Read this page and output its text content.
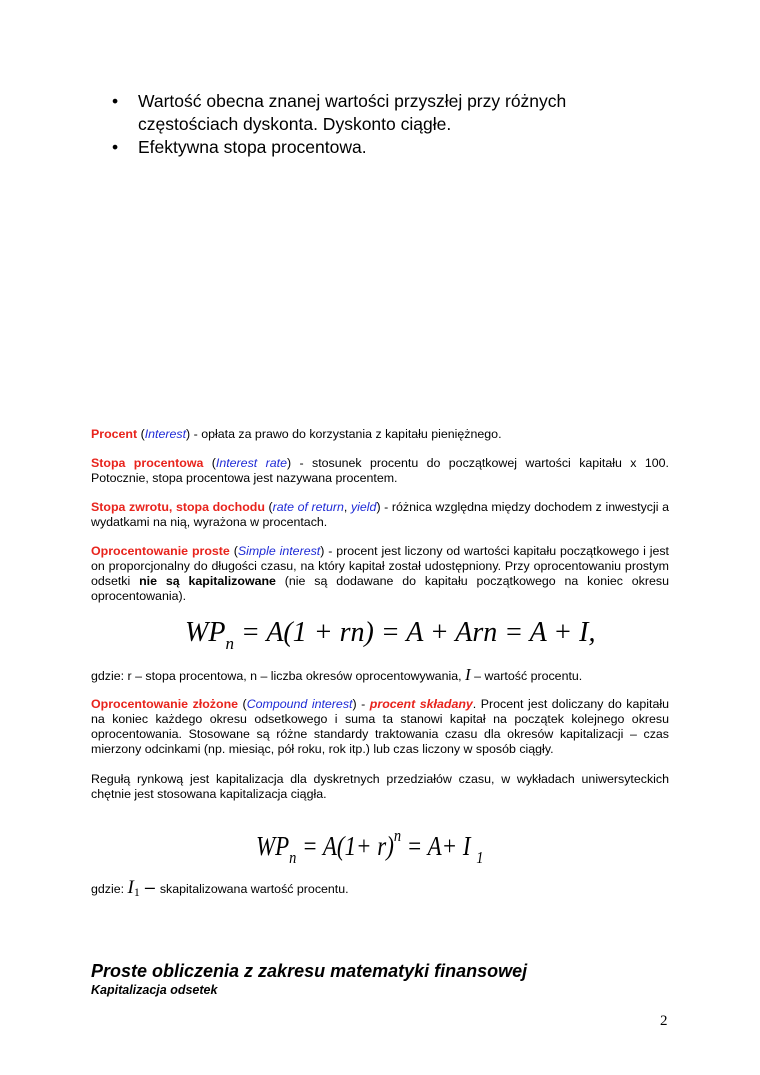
•	Wartość obecna znanej wartości przyszłej przy różnych częstościach dyskonta. Dyskonto ciągłe.
•	Efektywna stopa procentowa.
Procent (Interest) - opłata za prawo do korzystania z kapitału pieniężnego.
Stopa procentowa (Interest rate) - stosunek procentu do początkowej wartości kapitału x 100. Potocznie, stopa procentowa jest nazywana procentem.
Stopa zwrotu, stopa dochodu (rate of return, yield) - różnica względna między dochodem z inwestycji a wydatkami na nią, wyrażona w procentach.
Oprocentowanie proste (Simple interest) - procent jest liczony od wartości kapitału początkowego i jest on proporcjonalny do długości czasu, na który kapitał został udostępniony. Przy oprocentowaniu prostym odsetki nie są kapitalizowane (nie są dodawane do kapitału początkowego na koniec okresu oprocentowania).
$WP_n = A(1 + rn) = A$ + Arn = A + I,
gdzie: r – stopa procentowa, n – liczba okresów oprocentowywania, I – wartość procentu.
Oprocentowanie złożone (Compound interest) - procent składany. Procent jest doliczany do kapitału na koniec każdego okresu odsetkowego i suma ta stanowi kapitał na początek kolejnego okresu oprocentowania. Stosowane są różne standardy traktowania czasu dla okresów kapitalizacji – czas mierzony odcinkami (np. miesiąc, pół roku, rok itp.) lub czas liczony w sposób ciągły.
Regułą rynkową jest kapitalizacja dla dyskretnych przedziałów czasu, w wykładach uniwersyteckich chętnie jest stosowana kapitalizacja ciągła.
$WP_n = A(1+ r)^n = A+ I$ $_1$
gdzie: I1 – skapitalizowana wartość procentu.
Proste obliczenia z zakresu matematyki finansowej
Kapitalizacja odsetek
2
